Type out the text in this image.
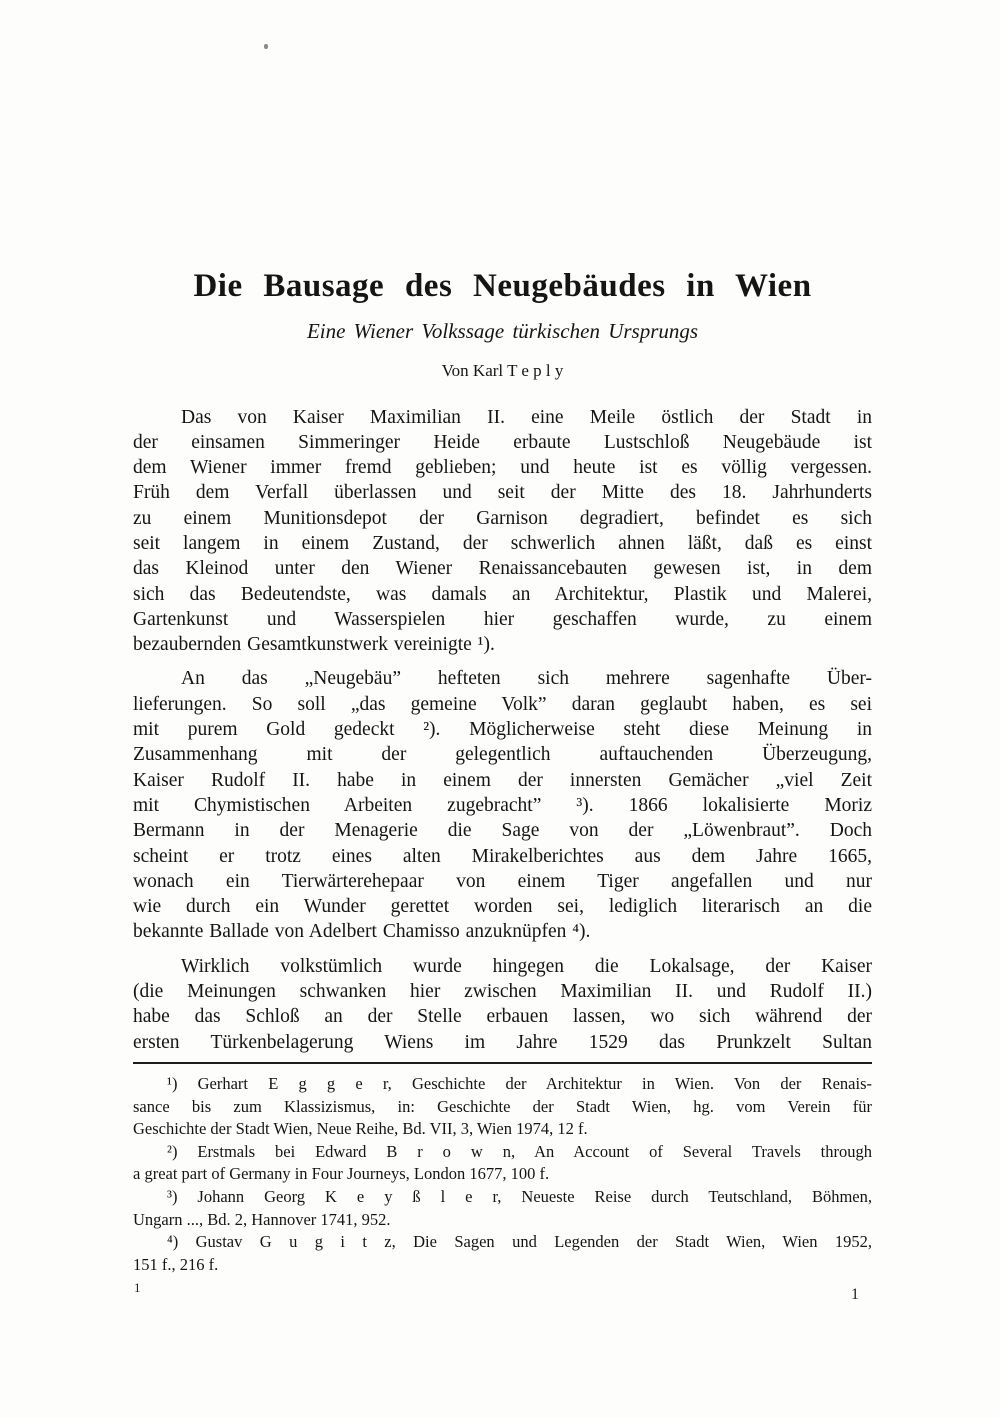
Die Bausage des Neugebäudes in Wien
Eine Wiener Volkssage türkischen Ursprungs
Von Karl T e p l y
Das von Kaiser Maximilian II. eine Meile östlich der Stadt in
der einsamen Simmeringer Heide erbaute Lustschloß Neugebäude ist
dem Wiener immer fremd geblieben; und heute ist es völlig vergessen.
Früh dem Verfall überlassen und seit der Mitte des 18. Jahrhunderts
zu einem Munitionsdepot der Garnison degradiert, befindet es sich
seit langem in einem Zustand, der schwerlich ahnen läßt, daß es einst
das Kleinod unter den Wiener Renaissancebauten gewesen ist, in dem
sich das Bedeutendste, was damals an Architektur, Plastik und Malerei,
Gartenkunst und Wasserspielen hier geschaffen wurde, zu einem
bezaubernden Gesamtkunstwerk vereinigte ¹).
An das „Neugebäu” hefteten sich mehrere sagenhafte Über-
lieferungen. So soll „das gemeine Volk” daran geglaubt haben, es sei
mit purem Gold gedeckt ²). Möglicherweise steht diese Meinung in
Zusammenhang mit der gelegentlich auftauchenden Überzeugung,
Kaiser Rudolf II. habe in einem der innersten Gemächer „viel Zeit
mit Chymistischen Arbeiten zugebracht” ³). 1866 lokalisierte Moriz
Bermann in der Menagerie die Sage von der „Löwenbraut”. Doch
scheint er trotz eines alten Mirakelberichtes aus dem Jahre 1665,
wonach ein Tierwärterehepaar von einem Tiger angefallen und nur
wie durch ein Wunder gerettet worden sei, lediglich literarisch an die
bekannte Ballade von Adelbert Chamisso anzuknüpfen ⁴).
Wirklich volkstümlich wurde hingegen die Lokalsage, der Kaiser
(die Meinungen schwanken hier zwischen Maximilian II. und Rudolf II.)
habe das Schloß an der Stelle erbauen lassen, wo sich während der
ersten Türkenbelagerung Wiens im Jahre 1529 das Prunkzelt Sultan
¹) Gerhart E g g e r, Geschichte der Architektur in Wien. Von der Renais-
sance bis zum Klassizismus, in: Geschichte der Stadt Wien, hg. vom Verein für
Geschichte der Stadt Wien, Neue Reihe, Bd. VII, 3, Wien 1974, 12 f.
²) Erstmals bei Edward B r o w n, An Account of Several Travels through
a great part of Germany in Four Journeys, London 1677, 100 f.
³) Johann Georg K e y ß l e r, Neueste Reise durch Teutschland, Böhmen,
Ungarn ..., Bd. 2, Hannover 1741, 952.
⁴) Gustav G u g i t z, Die Sagen und Legenden der Stadt Wien, Wien 1952,
151 f., 216 f.
1	1
